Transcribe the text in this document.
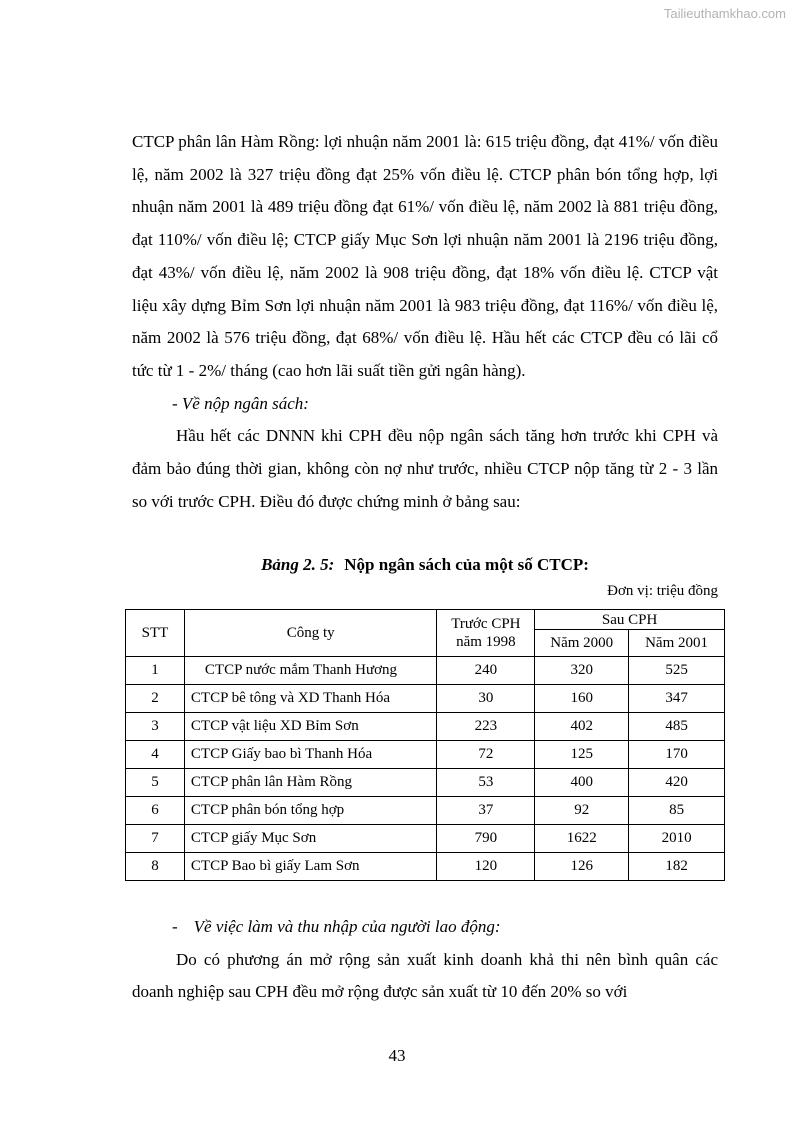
Tailieuthamkhao.com

CTCP phân lân Hàm Rồng: lợi nhuận năm 2001 là: 615 triệu đồng, đạt 41%/ vốn điều lệ, năm 2002 là 327 triệu đồng đạt 25% vốn điều lệ. CTCP phân bón tổng hợp, lợi nhuận năm 2001 là 489 triệu đồng đạt 61%/ vốn điều lệ, năm 2002 là 881 triệu đồng, đạt 110%/ vốn điều lệ; CTCP giấy Mục Sơn lợi nhuận năm 2001 là 2196 triệu đồng, đạt 43%/ vốn điều lệ, năm 2002 là 908 triệu đồng, đạt 18% vốn điều lệ. CTCP vật liệu xây dựng Bỉm Sơn lợi nhuận năm 2001 là 983 triệu đồng, đạt 116%/ vốn điều lệ, năm 2002 là 576 triệu đồng, đạt 68%/ vốn điều lệ. Hầu hết các CTCP đều có lãi cổ tức từ 1 - 2%/ tháng (cao hơn lãi suất tiền gửi ngân hàng).

- Về nộp ngân sách:

Hầu hết các DNNN khi CPH đều nộp ngân sách tăng hơn trước khi CPH và đảm bảo đúng thời gian, không còn nợ như trước, nhiều CTCP nộp tăng từ 2 - 3 lần so với trước CPH. Điều đó được chứng minh ở bảng sau:

Bảng 2. 5: Nộp ngân sách của một số CTCP:

Đơn vị: triệu đồng
STT	Công ty	Trước CPH năm 1998	Sau CPH	
			Năm 2000	Năm 2001
1	CTCP nước mắm Thanh Hương	240	320	525
2	CTCP bê tông và XD Thanh Hóa	30	160	347
3	CTCP vật liệu XD Bỉm Sơn	223	402	485
4	CTCP Giấy bao bì Thanh Hóa	72	125	170
5	CTCP phân lân Hàm Rồng	53	400	420
6	CTCP phân bón tổng hợp	37	92	85
7	CTCP giấy Mục Sơn	790	1622	2010
8	CTCP Bao bì giấy Lam Sơn	120	126	182

- Về việc làm và thu nhập của người lao động:

Do có phương án mở rộng sản xuất kinh doanh khả thi nên bình quân các doanh nghiệp sau CPH đều mở rộng được sản xuất từ 10 đến 20% so với

43
